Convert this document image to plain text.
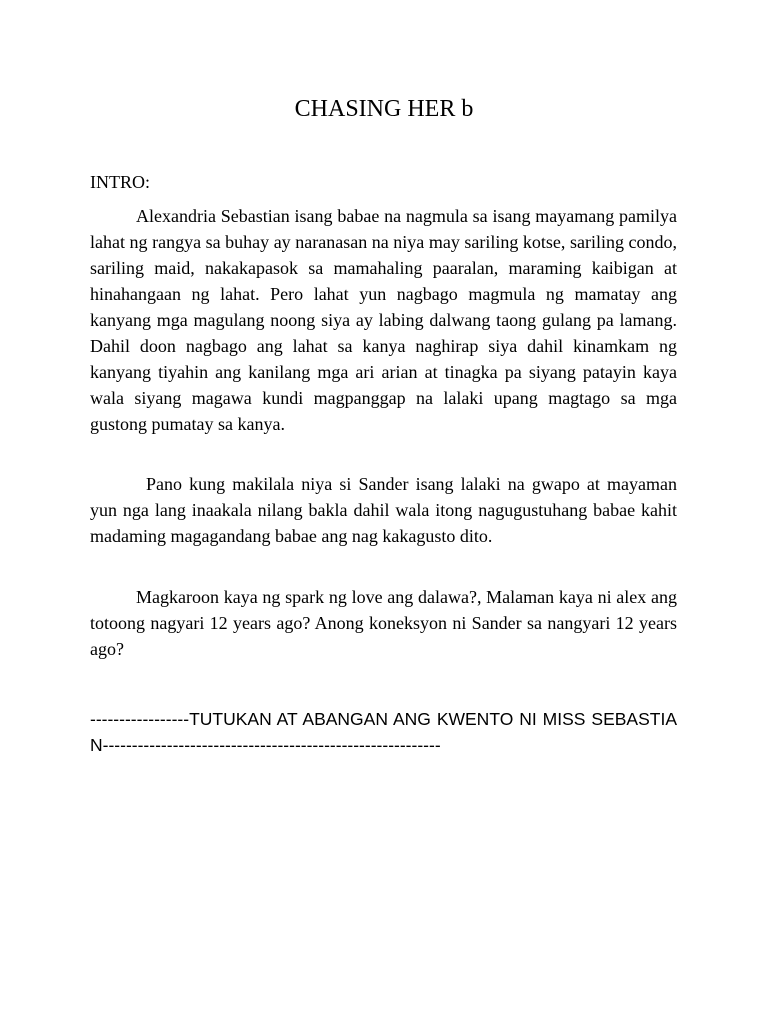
CHASING HER b

INTRO:

Alexandria Sebastian isang babae na nagmula sa isang mayamang pamilya lahat ng rangya sa buhay ay naranasan na niya may sariling kotse, sariling condo, sariling maid, nakakapasok sa mamahaling paaralan, maraming kaibigan at hinahangaan ng lahat. Pero lahat yun nagbago magmula ng mamatay ang kanyang mga magulang noong siya ay labing dalwang taong gulang pa lamang. Dahil doon nagbago ang lahat sa kanya naghirap siya dahil kinamkam ng kanyang tiyahin ang kanilang mga ari arian at tinagka pa siyang patayin kaya wala siyang magawa kundi magpanggap na lalaki upang magtago sa mga gustong pumatay sa kanya.

Pano kung makilala niya si Sander isang lalaki na gwapo at mayaman yun nga lang inaakala nilang bakla dahil wala itong nagugustuhang babae kahit madaming magagandang babae ang nag kakagusto dito.

Magkaroon kaya ng spark ng love ang dalawa?, Malaman kaya ni alex ang totoong nagyari 12 years ago? Anong koneksyon ni Sander sa nangyari 12 years ago?

-----------------TUTUKAN AT ABANGAN ANG KWENTO NI MISS SEBASTIAN----------------------------------------------------------
